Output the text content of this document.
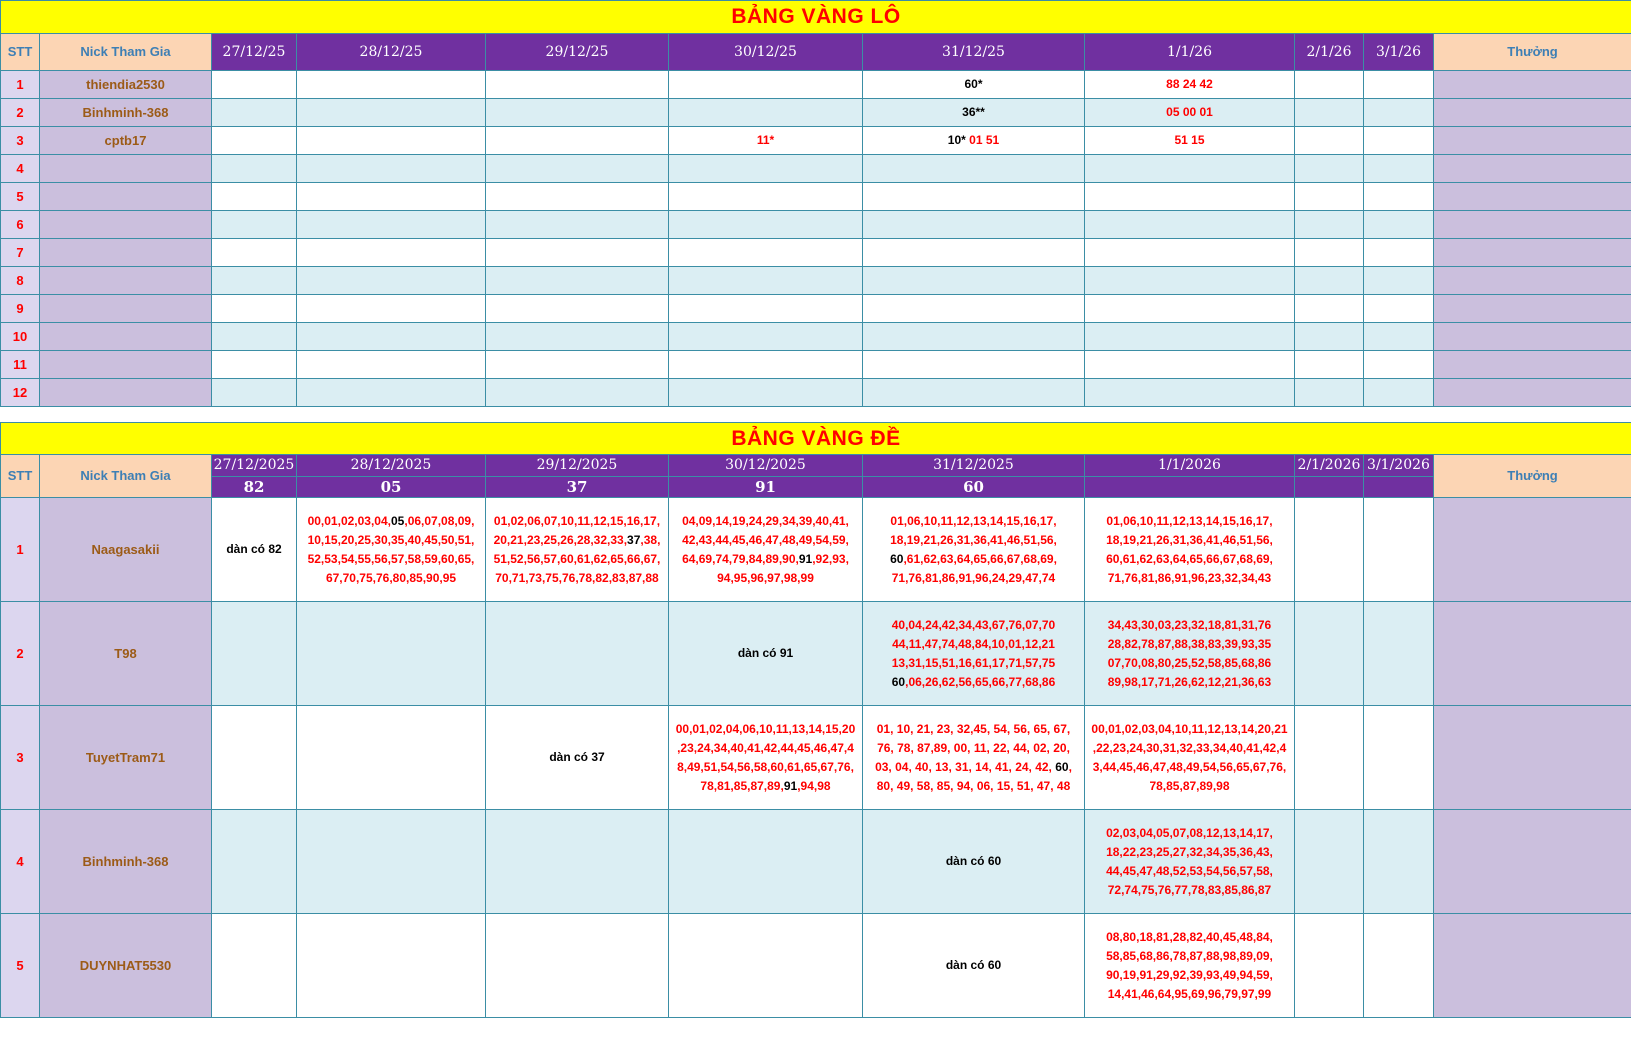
BẢNG VÀNG LÔ										
STT	Nick Tham Gia	27/12/25	28/12/25	29/12/25	30/12/25	31/12/25	1/1/26	2/1/26	3/1/26	Thưởng
1	thiendia2530					60*	88 24 42			
2	Binhminh-368					36**	05 00 01			
3	cptb17				11*	10* 01 51	51 15			
4										
5										
6										
7										
8										
9										
10										
11										
12										
BẢNG VÀNG ĐỀ										
STT	Nick Tham Gia	27/12/2025	28/12/2025	29/12/2025	30/12/2025	31/12/2025	1/1/2026	2/1/2026	3/1/2026	Thưởng
		82	05	37	91	60				
1	Naagasakii	dàn có 82	00,01,02,03,04,05,06,07,08,09,
10,15,20,25,30,35,40,45,50,51,
52,53,54,55,56,57,58,59,60,65,
67,70,75,76,80,85,90,95	01,02,06,07,10,11,12,15,16,17,
20,21,23,25,26,28,32,33,37,38,
51,52,56,57,60,61,62,65,66,67,
70,71,73,75,76,78,82,83,87,88	04,09,14,19,24,29,34,39,40,41,
42,43,44,45,46,47,48,49,54,59,
64,69,74,79,84,89,90,91,92,93,
94,95,96,97,98,99	01,06,10,11,12,13,14,15,16,17,
18,19,21,26,31,36,41,46,51,56,
60,61,62,63,64,65,66,67,68,69,
71,76,81,86,91,96,24,29,47,74	01,06,10,11,12,13,14,15,16,17,
18,19,21,26,31,36,41,46,51,56,
60,61,62,63,64,65,66,67,68,69,
71,76,81,86,91,96,23,32,34,43			
2	T98				dàn có 91	40,04,24,42,34,43,67,76,07,70
44,11,47,74,48,84,10,01,12,21
13,31,15,51,16,61,17,71,57,75
60,06,26,62,56,65,66,77,68,86	34,43,30,03,23,32,18,81,31,76
28,82,78,87,88,38,83,39,93,35
07,70,08,80,25,52,58,85,68,86
89,98,17,71,26,62,12,21,36,63			
3	TuyetTram71			dàn có 37	00,01,02,04,06,10,11,13,14,15,20
,23,24,34,40,41,42,44,45,46,47,4
8,49,51,54,56,58,60,61,65,67,76,
78,81,85,87,89,91,94,98	01, 10, 21, 23, 32,45, 54, 56, 65, 67,
76, 78, 87,89, 00, 11, 22, 44, 02, 20,
03, 04, 40, 13, 31, 14, 41, 24, 42, 60,
80, 49, 58, 85, 94, 06, 15, 51, 47, 48	00,01,02,03,04,10,11,12,13,14,20,21
,22,23,24,30,31,32,33,34,40,41,42,4
3,44,45,46,47,48,49,54,56,65,67,76,
78,85,87,89,98			
4	Binhminh-368					dàn có 60	02,03,04,05,07,08,12,13,14,17,
18,22,23,25,27,32,34,35,36,43,
44,45,47,48,52,53,54,56,57,58,
72,74,75,76,77,78,83,85,86,87			
5	DUYNHAT5530					dàn có 60	08,80,18,81,28,82,40,45,48,84,
58,85,68,86,78,87,88,98,89,09,
90,19,91,29,92,39,93,49,94,59,
14,41,46,64,95,69,96,79,97,99			
